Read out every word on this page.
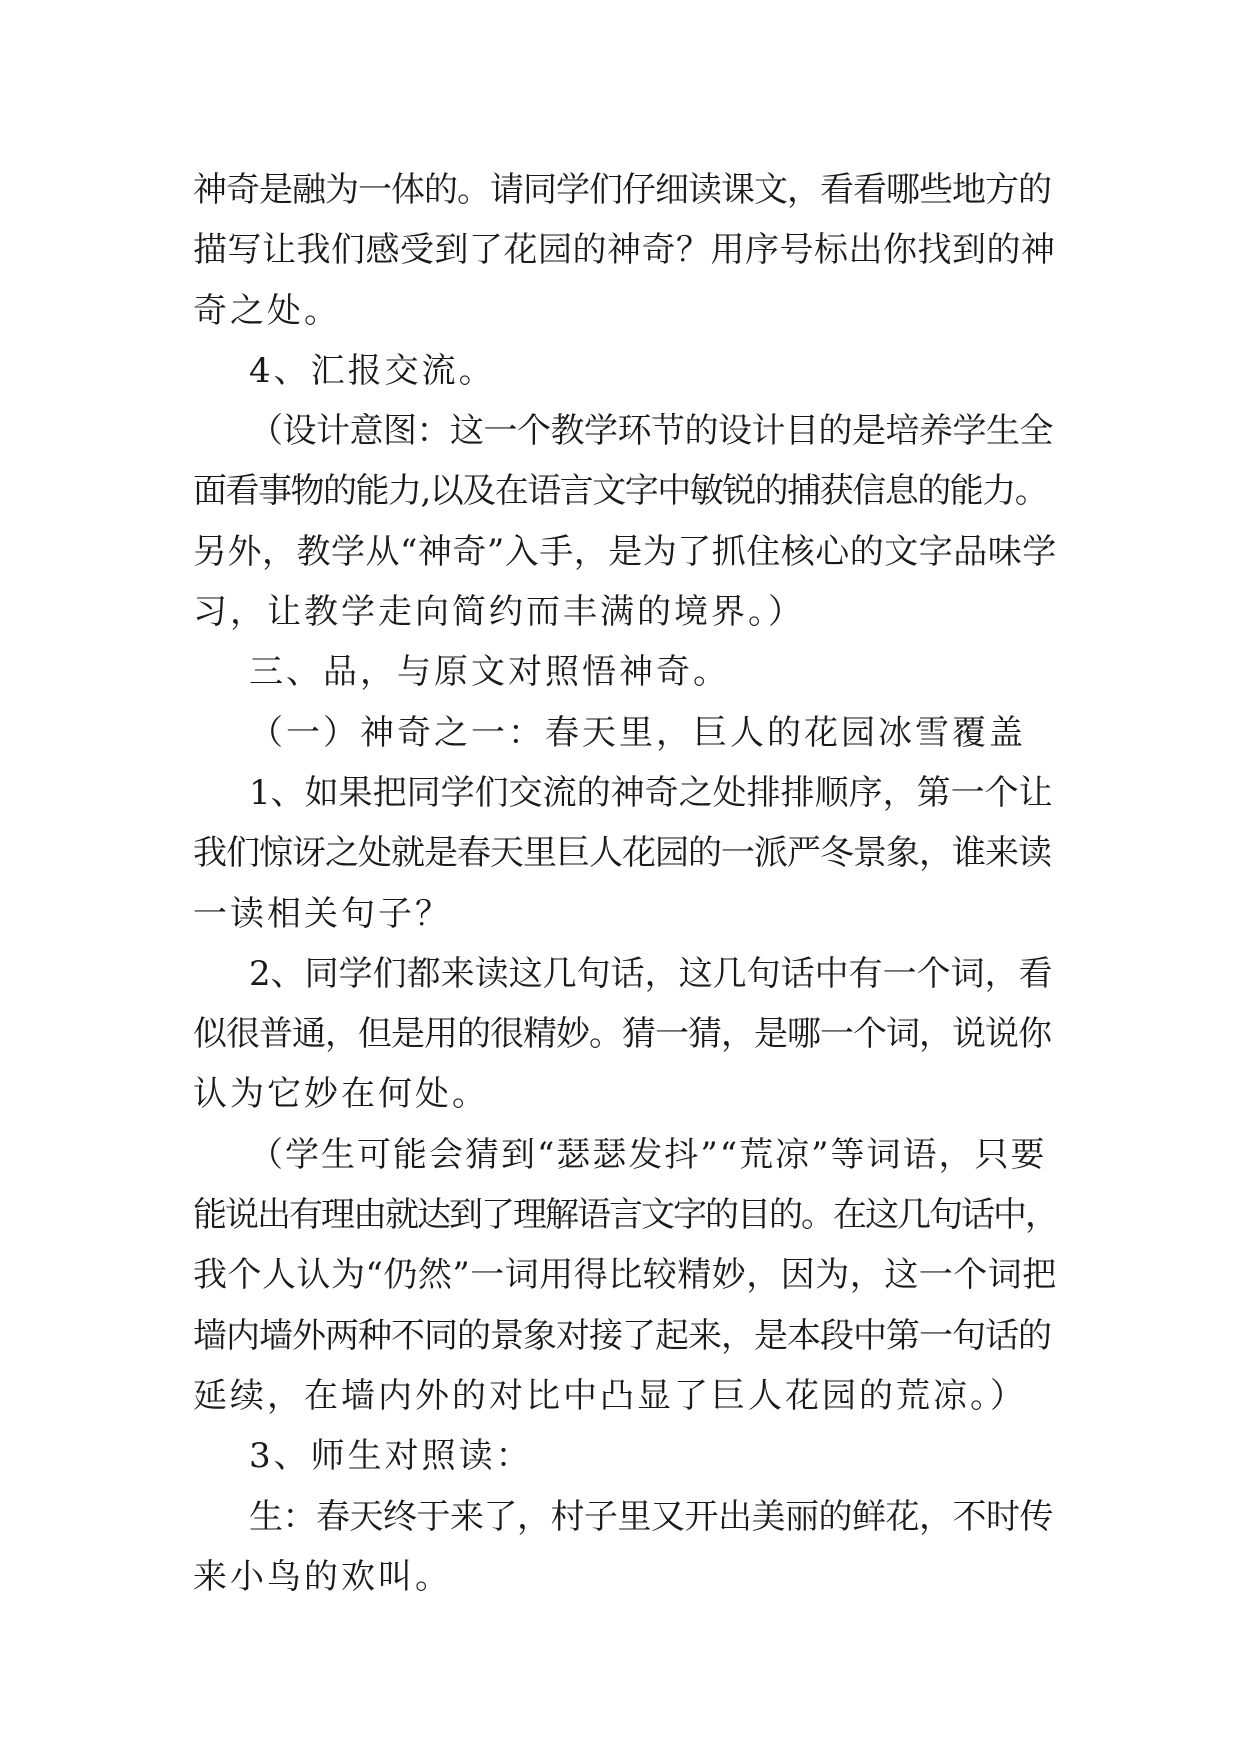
神奇是融为一体的。请同学们仔细读课文，看看哪些地方的
描写让我们感受到了花园的神奇？用序号标出你找到的神
奇之处。
4、汇报交流。
（设计意图：这一个教学环节的设计目的是培养学生全
面看事物的能力,以及在语言文字中敏锐的捕获信息的能力。
另外，教学从“神奇”入手，是为了抓住核心的文字品味学
习，让教学走向简约而丰满的境界。）
三、品，与原文对照悟神奇。
（一）神奇之一：春天里，巨人的花园冰雪覆盖
1、如果把同学们交流的神奇之处排排顺序，第一个让
我们惊讶之处就是春天里巨人花园的一派严冬景象，谁来读
一读相关句子？
2、同学们都来读这几句话，这几句话中有一个词，看
似很普通，但是用的很精妙。猜一猜，是哪一个词，说说你
认为它妙在何处。
（学生可能会猜到“瑟瑟发抖”“荒凉”等词语，只要
能说出有理由就达到了理解语言文字的目的。在这几句话中，
我个人认为“仍然”一词用得比较精妙，因为，这一个词把
墙内墙外两种不同的景象对接了起来，是本段中第一句话的
延续，在墙内外的对比中凸显了巨人花园的荒凉。）
3、师生对照读：
生：春天终于来了，村子里又开出美丽的鲜花，不时传
来小鸟的欢叫。
